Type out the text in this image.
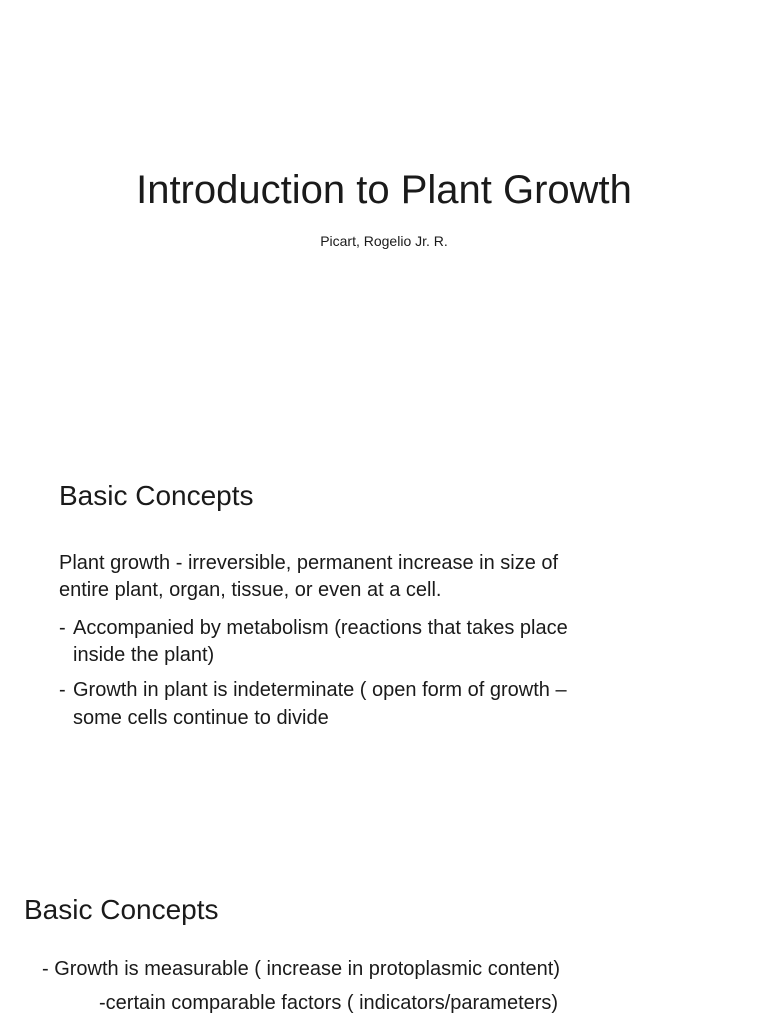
Introduction to Plant Growth

Picart, Rogelio Jr. R.

Basic Concepts

Plant growth - irreversible, permanent increase in size of

entire plant, organ, tissue, or even at a cell.

- Accompanied by metabolism (reactions that takes place

inside the plant)

- Growth in plant is indeterminate ( open form of growth –

some cells continue to divide

Basic Concepts

- Growth is measurable ( increase in protoplasmic content)

-certain comparable factors ( indicators/parameters)
